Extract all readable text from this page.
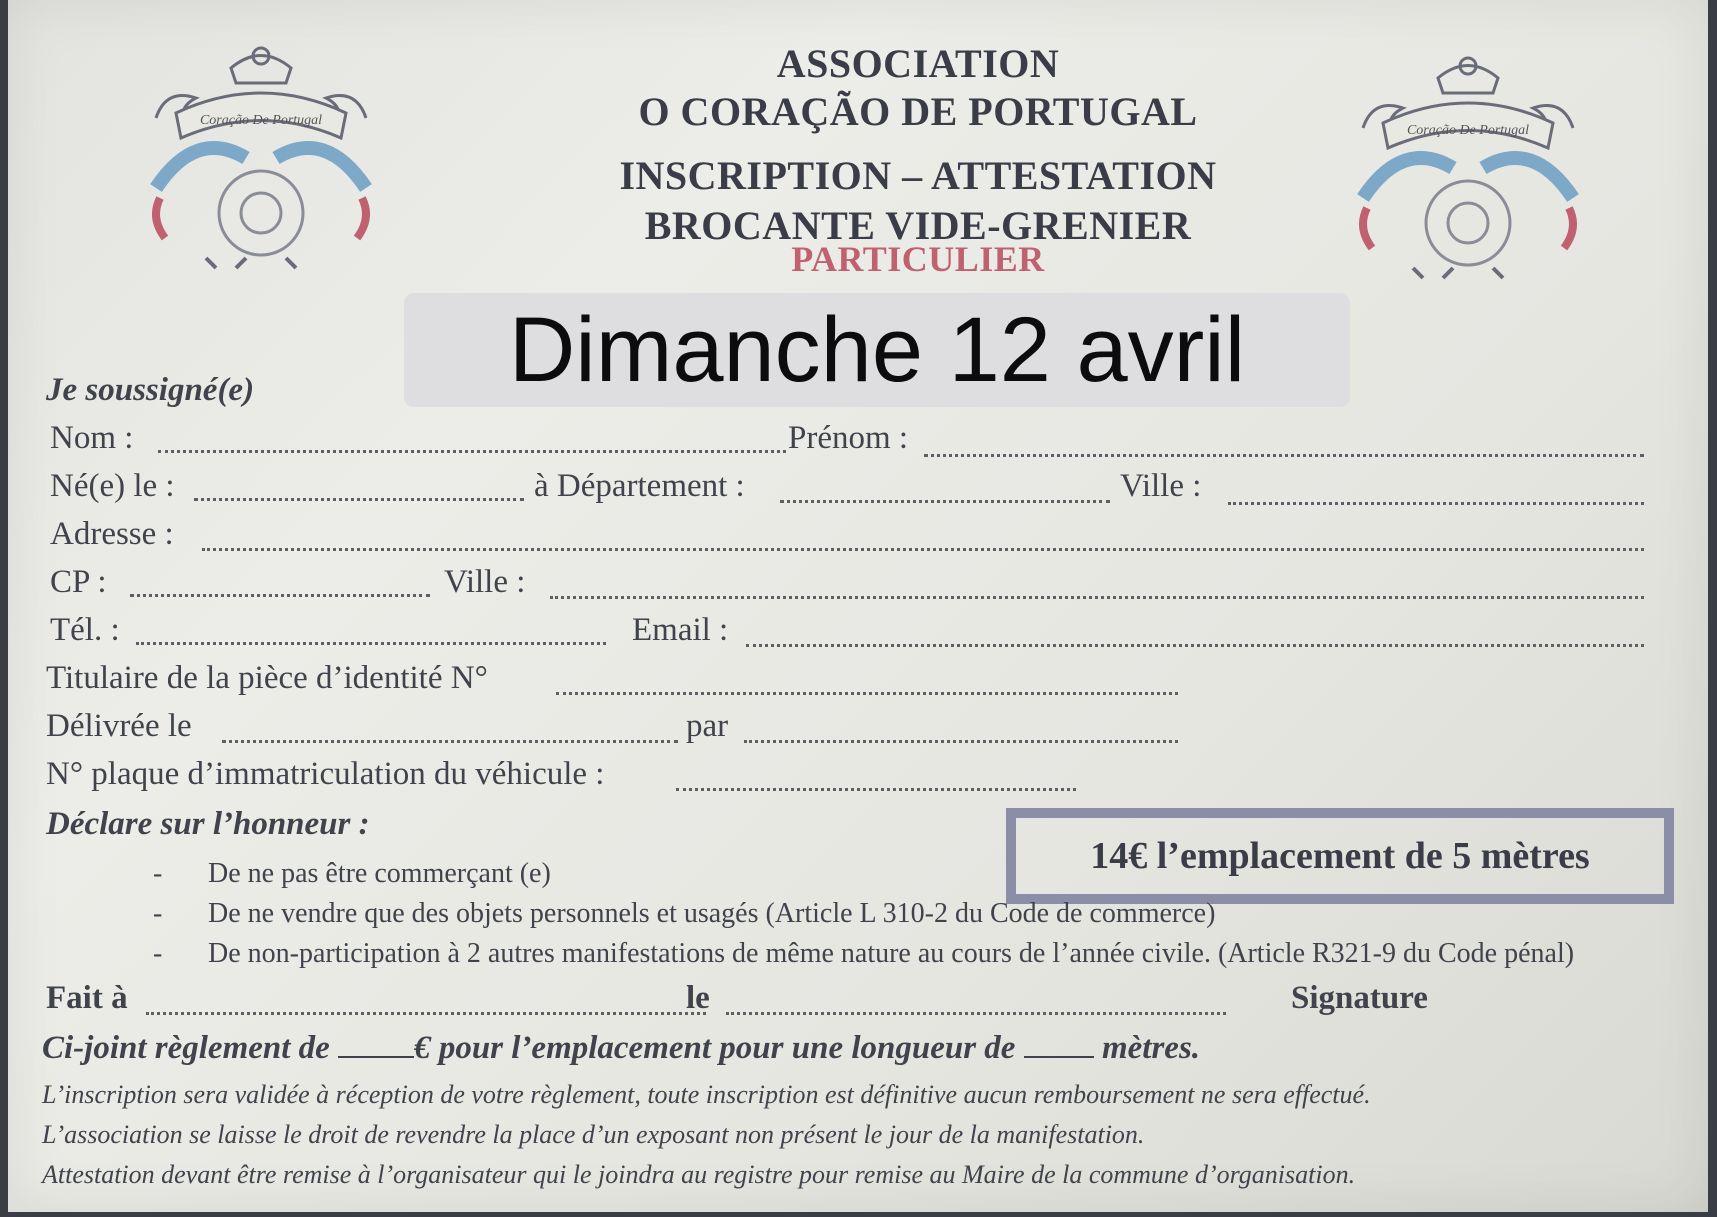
Coração De Portugal
Coração De Portugal
ASSOCIATION
O CORAÇÃO DE PORTUGAL
INSCRIPTION – ATTESTATION
BROCANTE VIDE-GRENIER
PARTICULIER
Dimanche 12 avril
Je soussigné(e)
Nom :	Prénom :
Né(e) le :	à Département :	Ville :
Adresse :
CP :	Ville :
Tél. :	Email :
Titulaire de la pièce d’identité N°
Délivrée le	par
N° plaque d’immatriculation du véhicule :
Déclare sur l’honneur :
14€ l’emplacement de 5 mètres
- De ne pas être commerçant (e)
- De ne vendre que des objets personnels et usagés (Article L 310-2 du Code de commerce)
- De non-participation à 2 autres manifestations de même nature au cours de l’année civile. (Article R321-9 du Code pénal)
Fait à	le	Signature
Ci-joint règlement de	€ pour l’emplacement pour une longueur de	mètres.
L’inscription sera validée à réception de votre règlement, toute inscription est définitive aucun remboursement ne sera effectué.
L’association se laisse le droit de revendre la place d’un exposant non présent le jour de la manifestation.
Attestation devant être remise à l’organisateur qui le joindra au registre pour remise au Maire de la commune d’organisation.
